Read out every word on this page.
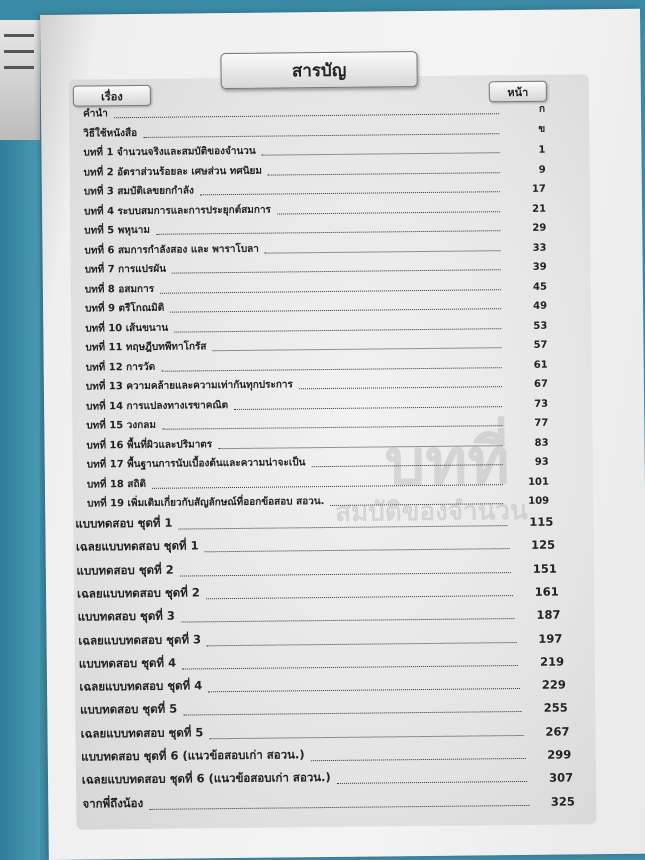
บทที่
สมบัติของจำนวน
สารบัญ
เรื่อง	หน้า
คำนำ	ก
วิธีใช้หนังสือ	ข
บทที่ 1 จำนวนจริงและสมบัติของจำนวน	1
บทที่ 2 อัตราส่วนร้อยละ เศษส่วน ทศนิยม	9
บทที่ 3 สมบัติเลขยกกำลัง	17
บทที่ 4 ระบบสมการและการประยุกต์สมการ	21
บทที่ 5 พหุนาม	29
บทที่ 6 สมการกำลังสอง และ พาราโบลา	33
บทที่ 7 การแปรผัน	39
บทที่ 8 อสมการ	45
บทที่ 9 ตรีโกณมิติ	49
บทที่ 10 เส้นขนาน	53
บทที่ 11 ทฤษฎีบทพีทาโกรัส	57
บทที่ 12 การวัด	61
บทที่ 13 ความคล้ายและความเท่ากันทุกประการ	67
บทที่ 14 การแปลงทางเรขาคณิต	73
บทที่ 15 วงกลม	77
บทที่ 16 พื้นที่ผิวและปริมาตร	83
บทที่ 17 พื้นฐานการนับเบื้องต้นและความน่าจะเป็น	93
บทที่ 18 สถิติ	101
บทที่ 19 เพิ่มเติมเกี่ยวกับสัญลักษณ์ที่ออกข้อสอบ สอวน.	109
แบบทดสอบ ชุดที่ 1	115
เฉลยแบบทดสอบ ชุดที่ 1	125
แบบทดสอบ ชุดที่ 2	151
เฉลยแบบทดสอบ ชุดที่ 2	161
แบบทดสอบ ชุดที่ 3	187
เฉลยแบบทดสอบ ชุดที่ 3	197
แบบทดสอบ ชุดที่ 4	219
เฉลยแบบทดสอบ ชุดที่ 4	229
แบบทดสอบ ชุดที่ 5	255
เฉลยแบบทดสอบ ชุดที่ 5	267
แบบทดสอบ ชุดที่ 6 (แนวข้อสอบเก่า สอวน.)	299
เฉลยแบบทดสอบ ชุดที่ 6 (แนวข้อสอบเก่า สอวน.)	307
จากพี่ถึงน้อง	325
